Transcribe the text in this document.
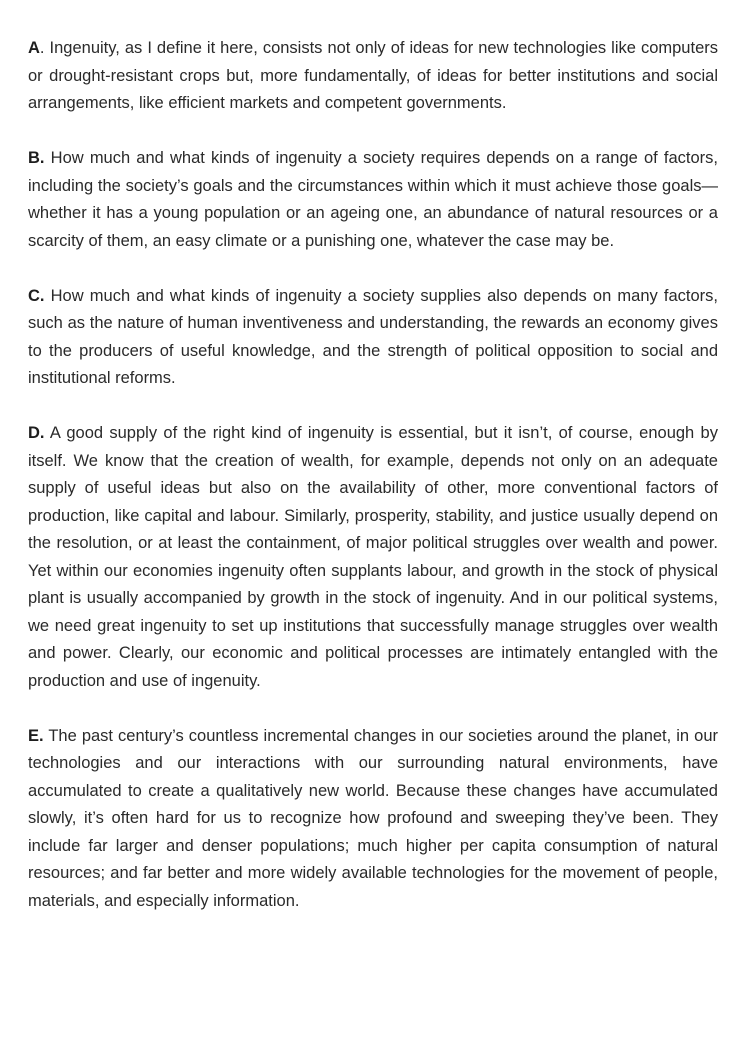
A. Ingenuity, as I define it here, consists not only of ideas for new technologies like computers or drought-resistant crops but, more fundamentally, of ideas for better institutions and social arrangements, like efficient markets and competent governments.

B. How much and what kinds of ingenuity a society requires depends on a range of factors, including the society’s goals and the circumstances within which it must achieve those goals—whether it has a young population or an ageing one, an abundance of natural resources or a scarcity of them, an easy climate or a punishing one, whatever the case may be.

C. How much and what kinds of ingenuity a society supplies also depends on many factors, such as the nature of human inventiveness and understanding, the rewards an economy gives to the producers of useful knowledge, and the strength of political opposition to social and institutional reforms.

D. A good supply of the right kind of ingenuity is essential, but it isn’t, of course, enough by itself. We know that the creation of wealth, for example, depends not only on an adequate supply of useful ideas but also on the availability of other, more conventional factors of production, like capital and labour. Similarly, prosperity, stability, and justice usually depend on the resolution, or at least the containment, of major political struggles over wealth and power. Yet within our economies ingenuity often supplants labour, and growth in the stock of physical plant is usually accompanied by growth in the stock of ingenuity. And in our political systems, we need great ingenuity to set up institutions that successfully manage struggles over wealth and power. Clearly, our economic and political processes are intimately entangled with the production and use of ingenuity.

E. The past century’s countless incremental changes in our societies around the planet, in our technologies and our interactions with our surrounding natural environments, have accumulated to create a qualitatively new world. Because these changes have accumulated slowly, it’s often hard for us to recognize how profound and sweeping they’ve been. They include far larger and denser populations; much higher per capita consumption of natural resources; and far better and more widely available technologies for the movement of people, materials, and especially information.
